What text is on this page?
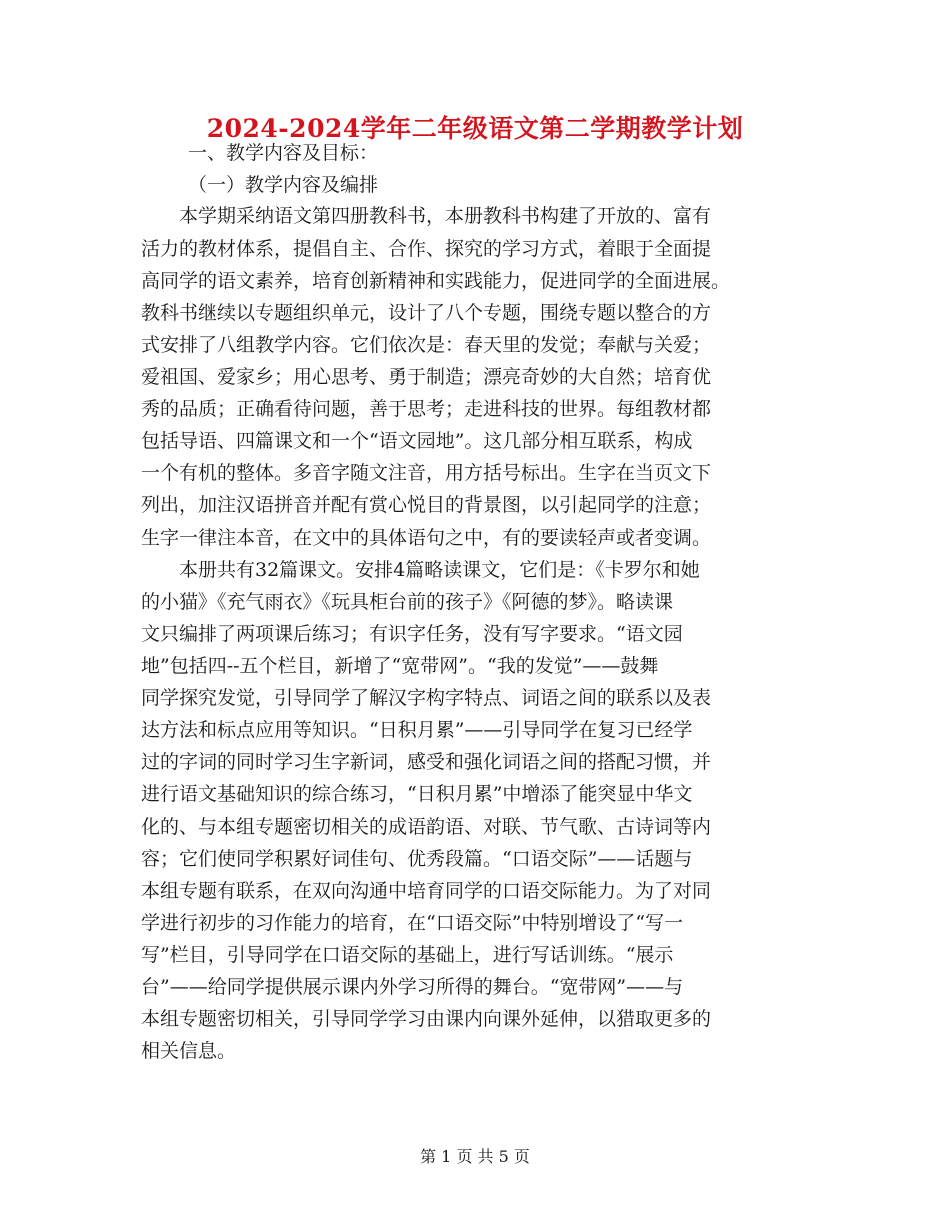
2024-2024学年二年级语文第二学期教学计划
一、教学内容及目标：
（一）教学内容及编排
　　本学期采纳语文第四册教科书，本册教科书构建了开放的、富有
活力的教材体系，提倡自主、合作、探究的学习方式，着眼于全面提
高同学的语文素养，培育创新精神和实践能力，促进同学的全面进展。
教科书继续以专题组织单元，设计了八个专题，围绕专题以整合的方
式安排了八组教学内容。它们依次是：春天里的发觉；奉献与关爱；
爱祖国、爱家乡；用心思考、勇于制造；漂亮奇妙的大自然；培育优
秀的品质；正确看待问题，善于思考；走进科技的世界。每组教材都
包括导语、四篇课文和一个“语文园地”。这几部分相互联系，构成
一个有机的整体。多音字随文注音，用方括号标出。生字在当页文下
列出，加注汉语拼音并配有赏心悦目的背景图，以引起同学的注意；
生字一律注本音，在文中的具体语句之中，有的要读轻声或者变调。
　　本册共有32篇课文。安排4篇略读课文，它们是：《卡罗尔和她
的小猫》《充气雨衣》《玩具柜台前的孩子》《阿德的梦》。略读课
文只编排了两项课后练习；有识字任务，没有写字要求。“语文园
地”包括四--五个栏目，新增了“宽带网”。“我的发觉”——鼓舞
同学探究发觉，引导同学了解汉字构字特点、词语之间的联系以及表
达方法和标点应用等知识。“日积月累”——引导同学在复习已经学
过的字词的同时学习生字新词，感受和强化词语之间的搭配习惯，并
进行语文基础知识的综合练习，“日积月累”中增添了能突显中华文
化的、与本组专题密切相关的成语韵语、对联、节气歌、古诗词等内
容；它们使同学积累好词佳句、优秀段篇。“口语交际”——话题与
本组专题有联系，在双向沟通中培育同学的口语交际能力。为了对同
学进行初步的习作能力的培育，在“口语交际”中特别增设了“写一
写”栏目，引导同学在口语交际的基础上，进行写话训练。“展示
台”——给同学提供展示课内外学习所得的舞台。“宽带网”——与
本组专题密切相关，引导同学学习由课内向课外延伸，以猎取更多的
相关信息。
第 1 页 共 5 页
